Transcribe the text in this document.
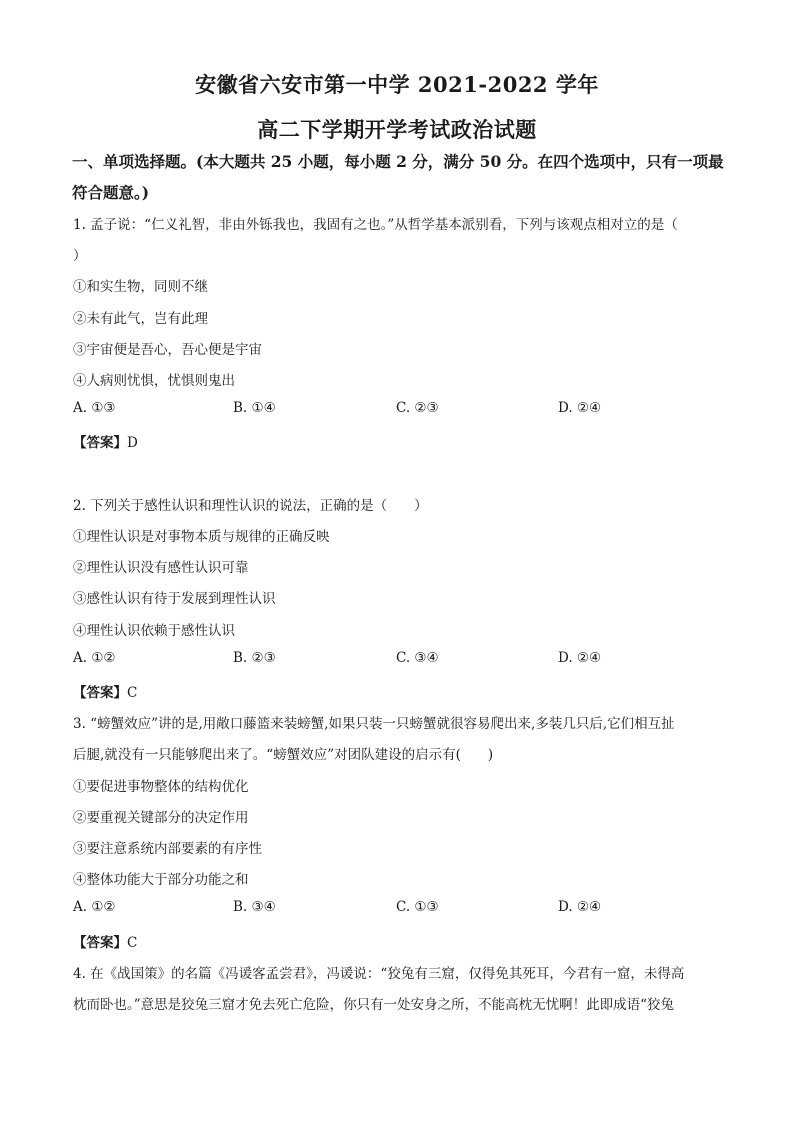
安徽省六安市第一中学 2021-2022 学年
高二下学期开学考试政治试题
一、单项选择题。(本大题共 25 小题，每小题 2 分，满分 50 分。在四个选项中，只有一项最符合题意。)
1. 孟子说：“仁义礼智，非由外铄我也，我固有之也。”从哲学基本派别看，下列与该观点相对立的是（
）
①和实生物，同则不继
②未有此气，岂有此理
③宇宙便是吾心，吾心便是宇宙
④人病则忧惧，忧惧则鬼出
A. ①③	B. ①④	C. ②③	D. ②④
【答案】D
2. 下列关于感性认识和理性认识的说法，正确的是（　　）
①理性认识是对事物本质与规律的正确反映
②理性认识没有感性认识可靠
③感性认识有待于发展到理性认识
④理性认识依赖于感性认识
A. ①②	B. ②③	C. ③④	D. ②④
【答案】C
3. “螃蟹效应”讲的是,用敞口藤篮来装螃蟹,如果只装一只螃蟹就很容易爬出来,多装几只后,它们相互扯
后腿,就没有一只能够爬出来了。“螃蟹效应”对团队建设的启示有(　　)
①要促进事物整体的结构优化
②要重视关键部分的决定作用
③要注意系统内部要素的有序性
④整体功能大于部分功能之和
A. ①②	B. ③④	C. ①③	D. ②④
【答案】C
4. 在《战国策》的名篇《冯谖客孟尝君》，冯谖说：“狡兔有三窟，仅得免其死耳，今君有一窟，未得高
枕而卧也。”意思是狡兔三窟才免去死亡危险，你只有一处安身之所，不能高枕无忧啊！此即成语“狡兔
